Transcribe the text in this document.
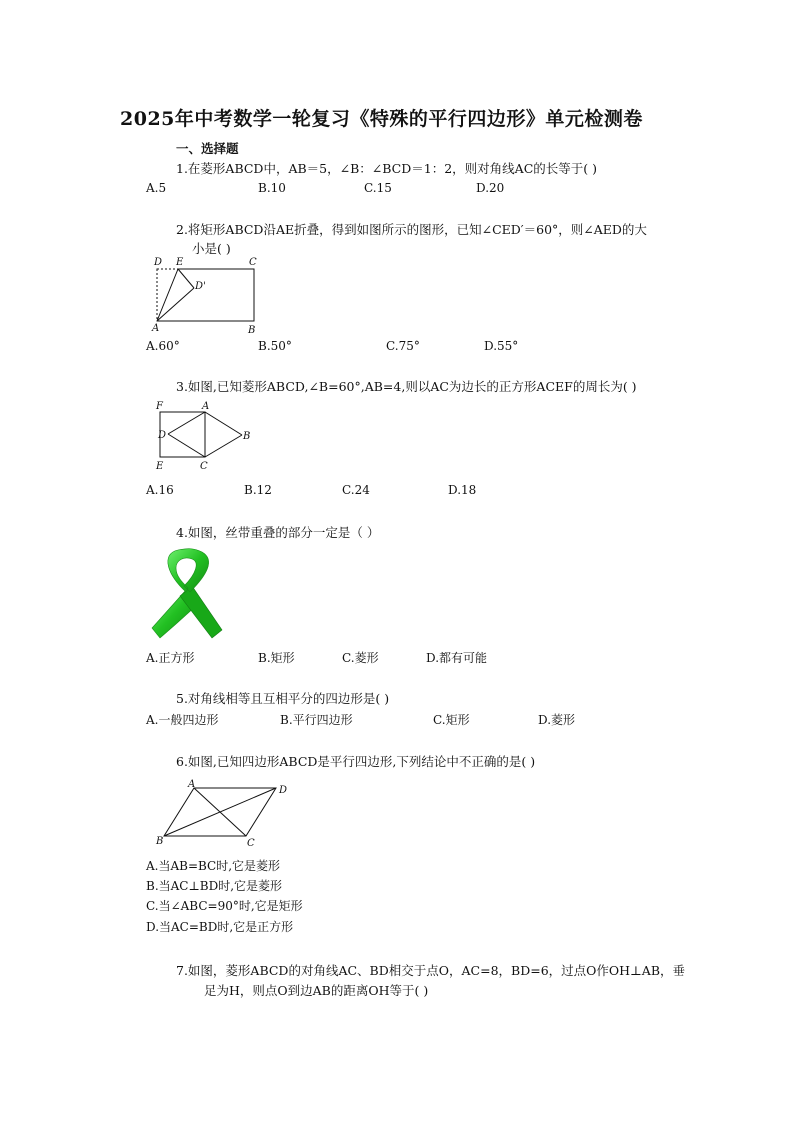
2025年中考数学一轮复习《特殊的平行四边形》单元检测卷
一、选择题
1.在菱形ABCD中，AB＝5，∠B：∠BCD＝1：2，则对角线AC的长等于( )
A.5	B.10	C.15	D.20
2.将矩形ABCD沿AE折叠，得到如图所示的图形，已知∠CED′＝60°，则∠AED的大
小是( )
D E	C
D'
A	B
A.60°	B.50°	C.75°	D.55°
3.如图,已知菱形ABCD,∠B=60°,AB=4,则以AC为边长的正方形ACEF的周长为( )
F	A
D	B
E	C
A.16	B.12	C.24	D.18
4.如图，丝带重叠的部分一定是（ ）
A.正方形	B.矩形	C.菱形	D.都有可能
5.对角线相等且互相平分的四边形是( )
A.一般四边形	B.平行四边形	C.矩形	D.菱形
6.如图,已知四边形ABCD是平行四边形,下列结论中不正确的是( )
A
D
B	C
A.当AB=BC时,它是菱形
B.当AC⊥BD时,它是菱形
C.当∠ABC=90°时,它是矩形
D.当AC=BD时,它是正方形
7.如图，菱形ABCD的对角线AC、BD相交于点O，AC=8，BD=6，过点O作OH⊥AB，垂
足为H，则点O到边AB的距离OH等于( )
